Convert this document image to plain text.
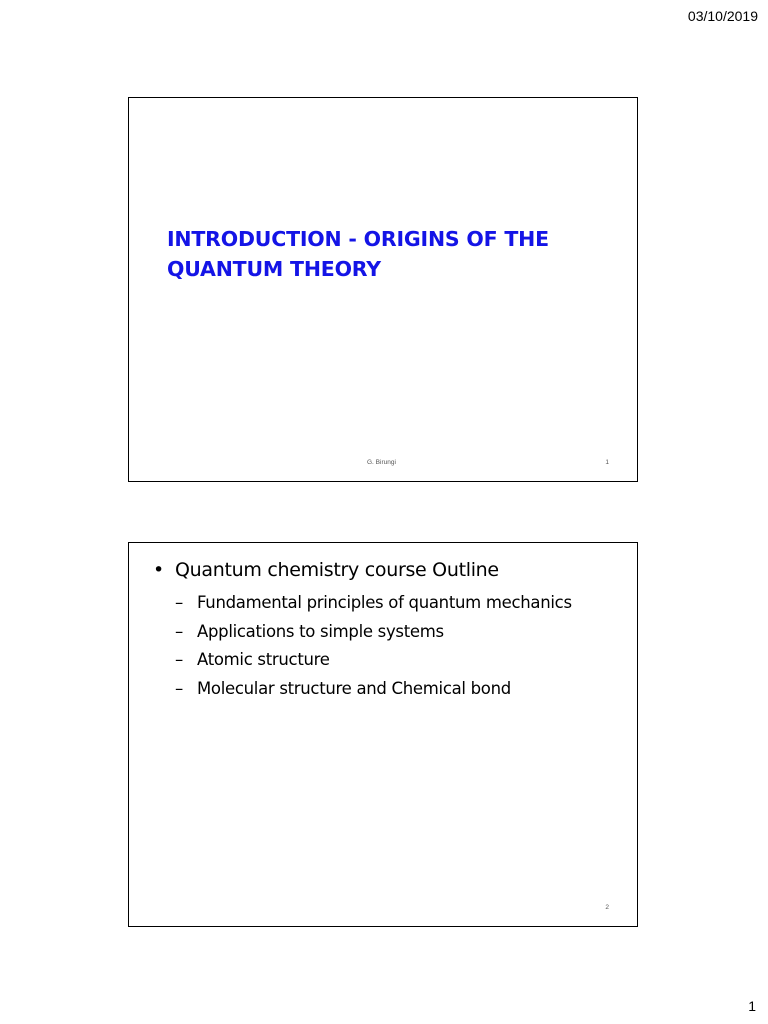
03/10/2019
INTRODUCTION - ORIGINS OF THE QUANTUM THEORY
G. Birungi	1
• Quantum chemistry course Outline
– Fundamental principles of quantum mechanics
– Applications to simple systems
– Atomic structure
– Molecular structure and Chemical bond
2
1
